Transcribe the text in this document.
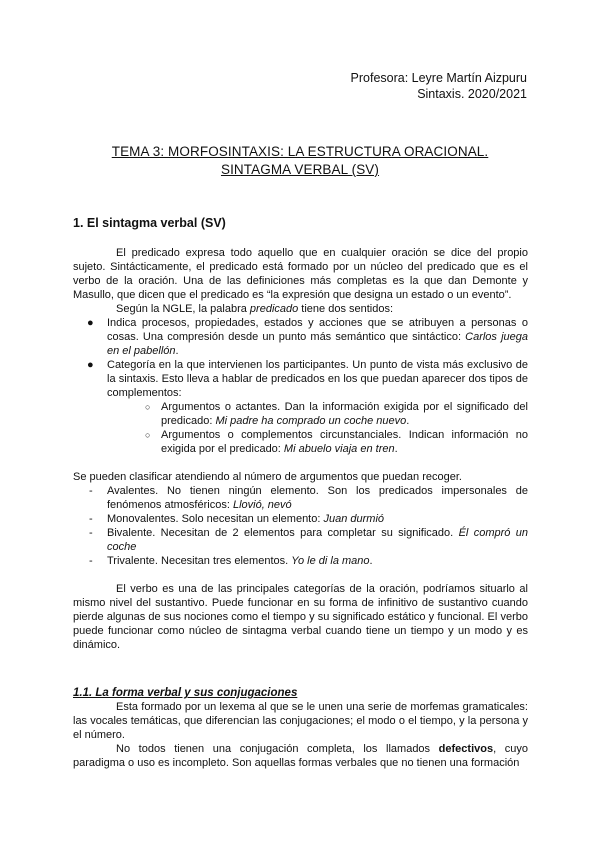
Profesora: Leyre Martín Aizpuru
Sintaxis. 2020/2021
TEMA 3: MORFOSINTAXIS: LA ESTRUCTURA ORACIONAL.
SINTAGMA VERBAL (SV)
1. El sintagma verbal (SV)

El predicado expresa todo aquello que en cualquier oración se dice del propio sujeto. Sintácticamente, el predicado está formado por un núcleo del predicado que es el verbo de la oración. Una de las definiciones más completas es la que dan Demonte y Masullo, que dicen que el predicado es “la expresión que designa un estado o un evento”.

Según la NGLE, la palabra predicado tiene dos sentidos:

● Indica procesos, propiedades, estados y acciones que se atribuyen a personas o cosas. Una compresión desde un punto más semántico que sintáctico: Carlos juega en el pabellón.
● Categoría en la que intervienen los participantes. Un punto de vista más exclusivo de la sintaxis. Esto lleva a hablar de predicados en los que puedan aparecer dos tipos de complementos:
○ Argumentos o actantes. Dan la información exigida por el significado del predicado: Mi padre ha comprado un coche nuevo.
○ Argumentos o complementos circunstanciales. Indican información no exigida por el predicado: Mi abuelo viaja en tren.

Se pueden clasificar atendiendo al número de argumentos que puedan recoger.

- Avalentes. No tienen ningún elemento. Son los predicados impersonales de fenómenos atmosféricos: Llovió, nevó
- Monovalentes. Solo necesitan un elemento: Juan durmió
- Bivalente. Necesitan de 2 elementos para completar su significado. Él compró un coche
- Trivalente. Necesitan tres elementos. Yo le di la mano.

El verbo es una de las principales categorías de la oración, podríamos situarlo al mismo nivel del sustantivo. Puede funcionar en su forma de infinitivo de sustantivo cuando pierde algunas de sus nociones como el tiempo y su significado estático y funcional. El verbo puede funcionar como núcleo de sintagma verbal cuando tiene un tiempo y un modo y es dinámico.

1.1. La forma verbal y sus conjugaciones

Esta formado por un lexema al que se le unen una serie de morfemas gramaticales: las vocales temáticas, que diferencian las conjugaciones; el modo o el tiempo, y la persona y el número.

No todos tienen una conjugación completa, los llamados defectivos, cuyo paradigma o uso es incompleto. Son aquellas formas verbales que no tienen una formación
